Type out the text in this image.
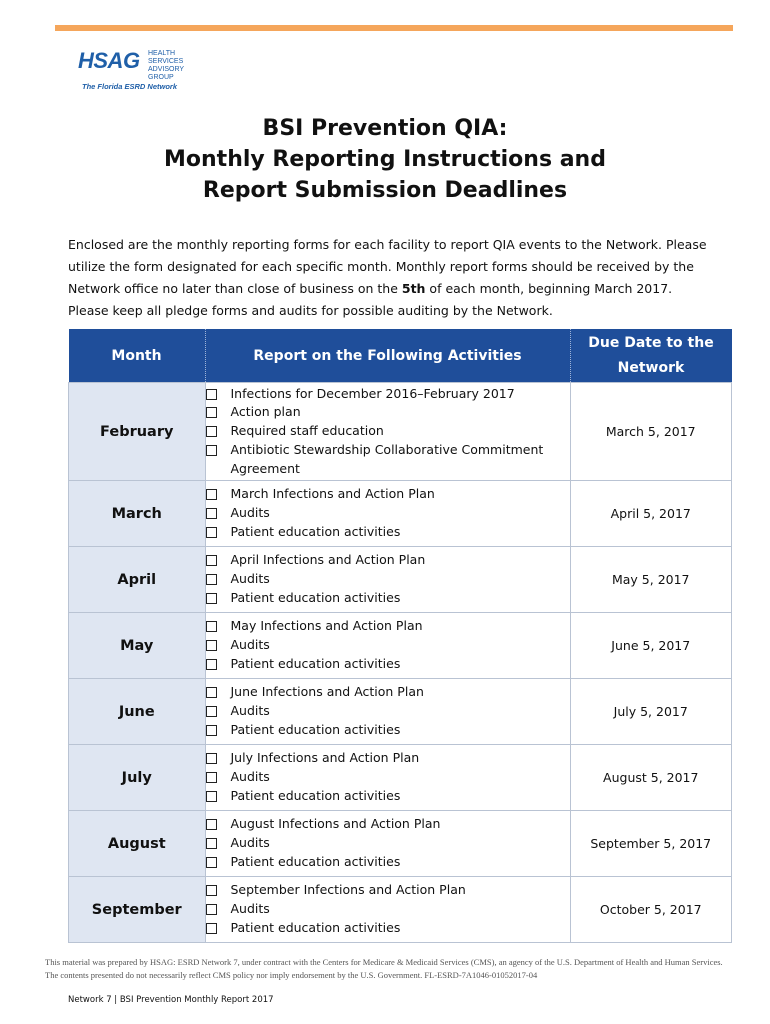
HSAG HEALTH SERVICES ADVISORY GROUP
The Florida ESRD Network
BSI Prevention QIA:
Monthly Reporting Instructions and
Report Submission Deadlines
Enclosed are the monthly reporting forms for each facility to report QIA events to the Network. Please utilize the form designated for each specific month. Monthly report forms should be received by the Network office no later than close of business on the 5th of each month, beginning March 2017. Please keep all pledge forms and audits for possible auditing by the Network.
Month	Report on the Following Activities	Due Date to the
Network

February	Infections for December 2016–February 2017
Action plan
Required staff education
Antibiotic Stewardship Collaborative Commitment Agreement	March 5, 2017
March	March Infections and Action Plan
Audits
Patient education activities	April 5, 2017
April	April Infections and Action Plan
Audits
Patient education activities	May 5, 2017
May	May Infections and Action Plan
Audits
Patient education activities	June 5, 2017
June	June Infections and Action Plan
Audits
Patient education activities	July 5, 2017
July	July Infections and Action Plan
Audits
Patient education activities	August 5, 2017
August	August Infections and Action Plan
Audits
Patient education activities	September 5, 2017
September	September Infections and Action Plan
Audits
Patient education activities	October 5, 2017
This material was prepared by HSAG: ESRD Network 7, under contract with the Centers for Medicare & Medicaid Services (CMS), an agency of the U.S. Department of Health and Human Services. The contents presented do not necessarily reflect CMS policy nor imply endorsement by the U.S. Government. FL-ESRD-7A1046-01052017-04
Network 7 | BSI Prevention Monthly Report 2017
